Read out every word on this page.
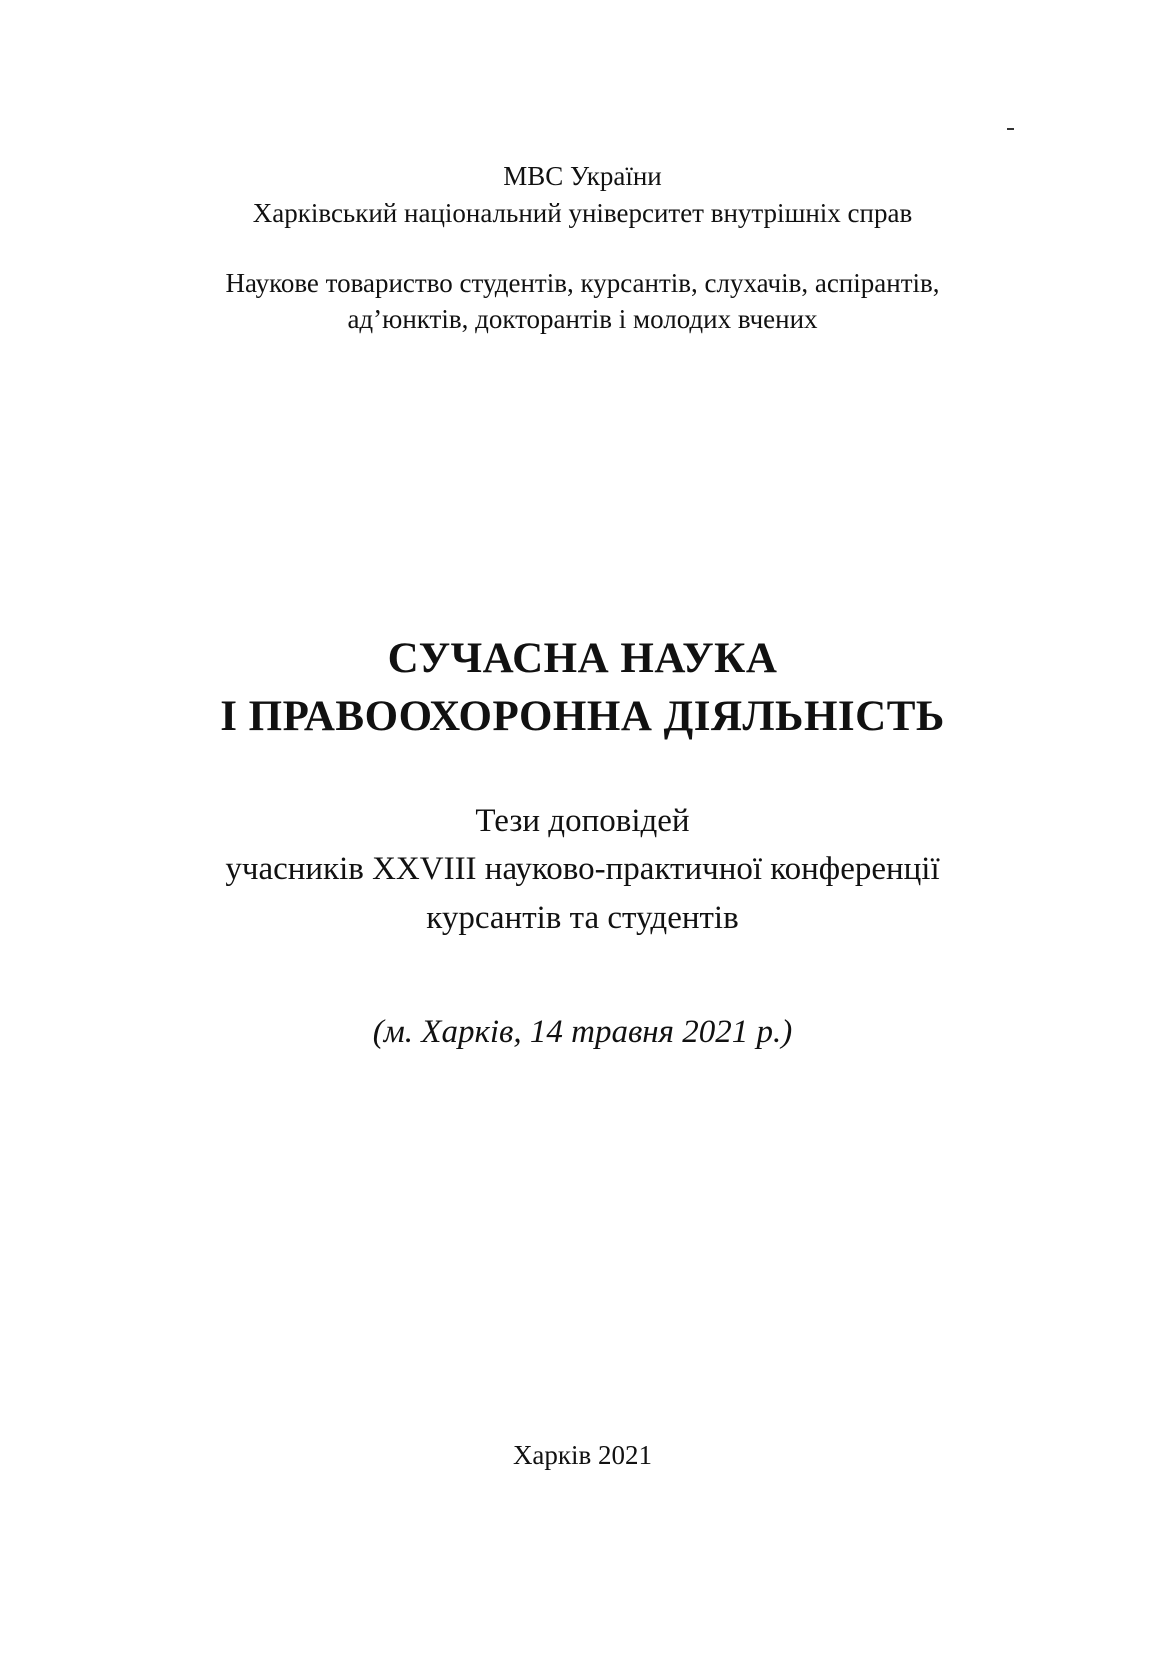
МВС України
Харківський національний університет внутрішніх справ
Наукове товариство студентів, курсантів, слухачів, аспірантів,
ад’юнктів, докторантів і молодих вчених
СУЧАСНА НАУКА
І ПРАВООХОРОННА ДІЯЛЬНІСТЬ
Тези доповідей
учасників XXVIII науково-практичної конференції
курсантів та студентів
(м. Харків, 14 травня 2021 р.)
Харків 2021
